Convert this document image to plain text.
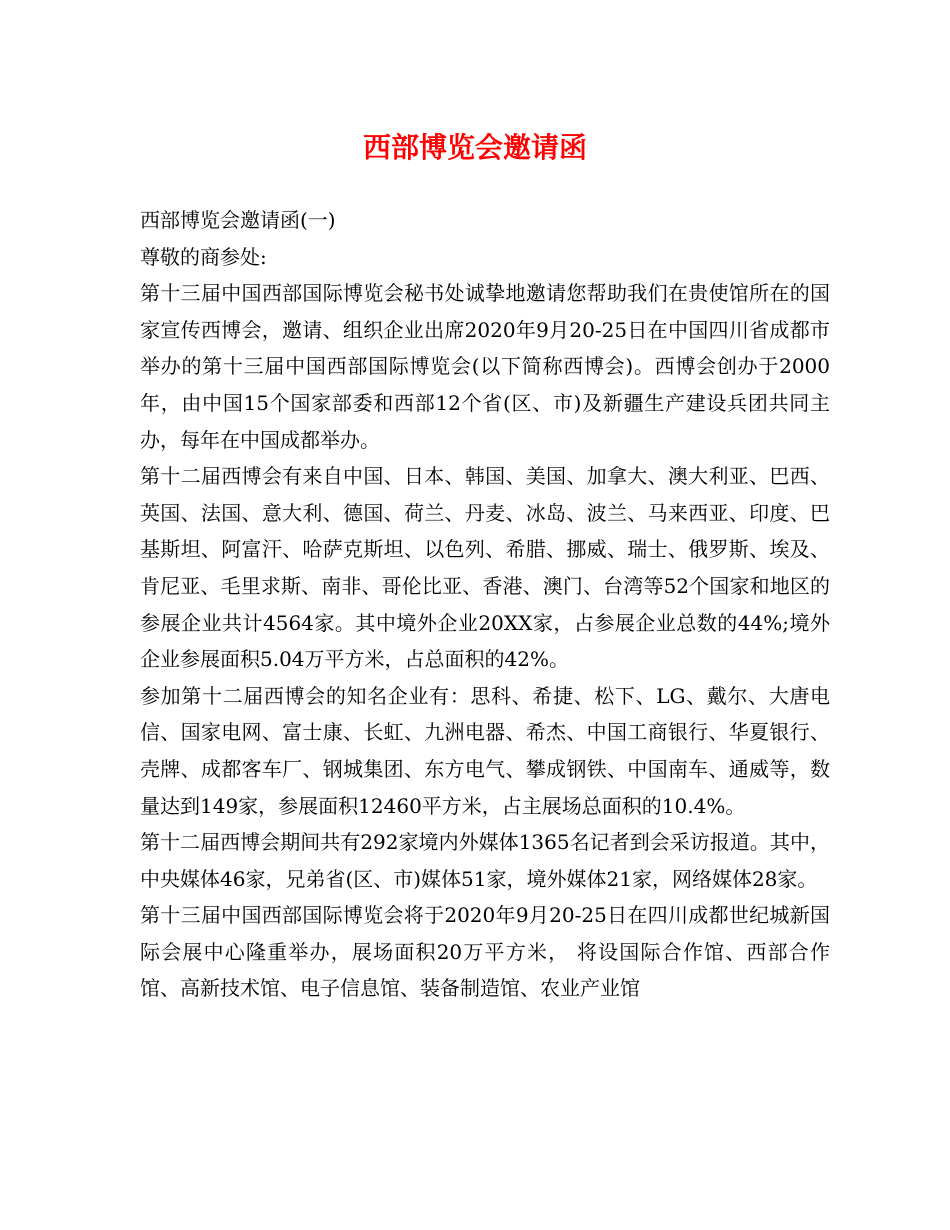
西部博览会邀请函

西部博览会邀请函(一)

尊敬的商参处:

第十三届中国西部国际博览会秘书处诚挚地邀请您帮助我们在贵使馆所在的国家宣传西博会，邀请、组织企业出席2020年9月20-25日在中国四川省成都市举办的第十三届中国西部国际博览会(以下简称西博会)。西博会创办于2000年，由中国15个国家部委和西部12个省(区、市)及新疆生产建设兵团共同主办，每年在中国成都举办。

第十二届西博会有来自中国、日本、韩国、美国、加拿大、澳大利亚、巴西、英国、法国、意大利、德国、荷兰、丹麦、冰岛、波兰、马来西亚、印度、巴基斯坦、阿富汗、哈萨克斯坦、以色列、希腊、挪威、瑞士、俄罗斯、埃及、肯尼亚、毛里求斯、南非、哥伦比亚、香港、澳门、台湾等52个国家和地区的参展企业共计4564家。其中境外企业20XX家，占参展企业总数的44%;境外企业参展面积5.04万平方米，占总面积的42%。

参加第十二届西博会的知名企业有：思科、希捷、松下、LG、戴尔、大唐电信、国家电网、富士康、长虹、九洲电器、希杰、中国工商银行、华夏银行、壳牌、成都客车厂、钢城集团、东方电气、攀成钢铁、中国南车、通威等，数量达到149家，参展面积12460平方米，占主展场总面积的10.4%。

第十二届西博会期间共有292家境内外媒体1365名记者到会采访报道。其中，中央媒体46家，兄弟省(区、市)媒体51家，境外媒体21家，网络媒体28家。

第十三届中国西部国际博览会将于2020年9月20-25日在四川成都世纪城新国际会展中心隆重举办，展场面积20万平方米， 将设国际合作馆、西部合作馆、高新技术馆、电子信息馆、装备制造馆、农业产业馆
